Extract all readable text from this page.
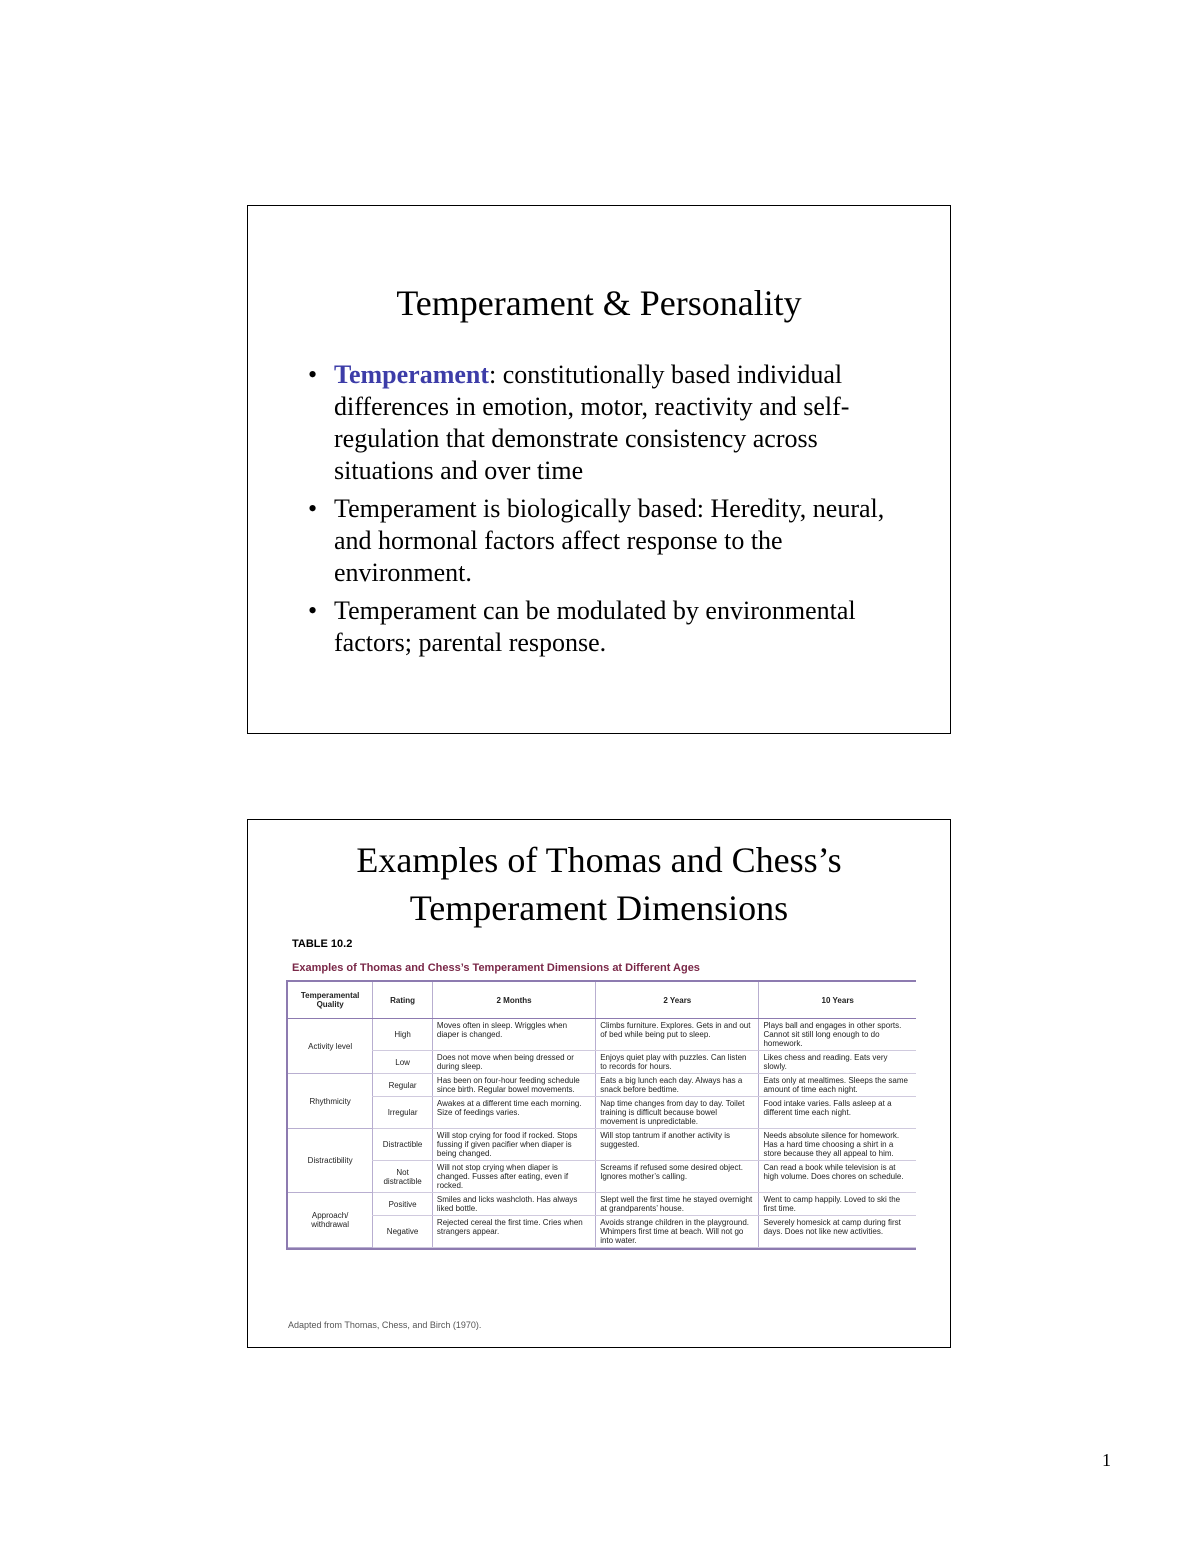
Temperament & Personality
• Temperament: constitutionally based individual differences in emotion, motor, reactivity and self-regulation that demonstrate consistency across situations and over time
• Temperament is biologically based: Heredity, neural, and hormonal factors affect response to the environment.
• Temperament can be modulated by environmental factors; parental response.
Examples of Thomas and Chess’s
Temperament Dimensions
TABLE 10.2
Examples of Thomas and Chess’s Temperament Dimensions at Different Ages
Temperamental Quality	Rating	2 Months	2 Years	10 Years
Activity level	High	Moves often in sleep. Wriggles when diaper is changed.	Climbs furniture. Explores. Gets in and out of bed while being put to sleep.	Plays ball and engages in other sports. Cannot sit still long enough to do homework.
	Low	Does not move when being dressed or during sleep.	Enjoys quiet play with puzzles. Can listen to records for hours.	Likes chess and reading. Eats very slowly.
Rhythmicity	Regular	Has been on four-hour feeding schedule since birth. Regular bowel movements.	Eats a big lunch each day. Always has a snack before bedtime.	Eats only at mealtimes. Sleeps the same amount of time each night.
	Irregular	Awakes at a different time each morning. Size of feedings varies.	Nap time changes from day to day. Toilet training is difficult because bowel movement is unpredictable.	Food intake varies. Falls asleep at a different time each night.
Distractibility	Distractible	Will stop crying for food if rocked. Stops fussing if given pacifier when diaper is being changed.	Will stop tantrum if another activity is suggested.	Needs absolute silence for homework. Has a hard time choosing a shirt in a store because they all appeal to him.
	Not distractible	Will not stop crying when diaper is changed. Fusses after eating, even if rocked.	Screams if refused some desired object. Ignores mother’s calling.	Can read a book while television is at high volume. Does chores on schedule.
Approach/ withdrawal	Positive	Smiles and licks washcloth. Has always liked bottle.	Slept well the first time he stayed overnight at grandparents’ house.	Went to camp happily. Loved to ski the first time.
	Negative	Rejected cereal the first time. Cries when strangers appear.	Avoids strange children in the playground. Whimpers first time at beach. Will not go into water.	Severely homesick at camp during first days. Does not like new activities.
Adapted from Thomas, Chess, and Birch (1970).
1
